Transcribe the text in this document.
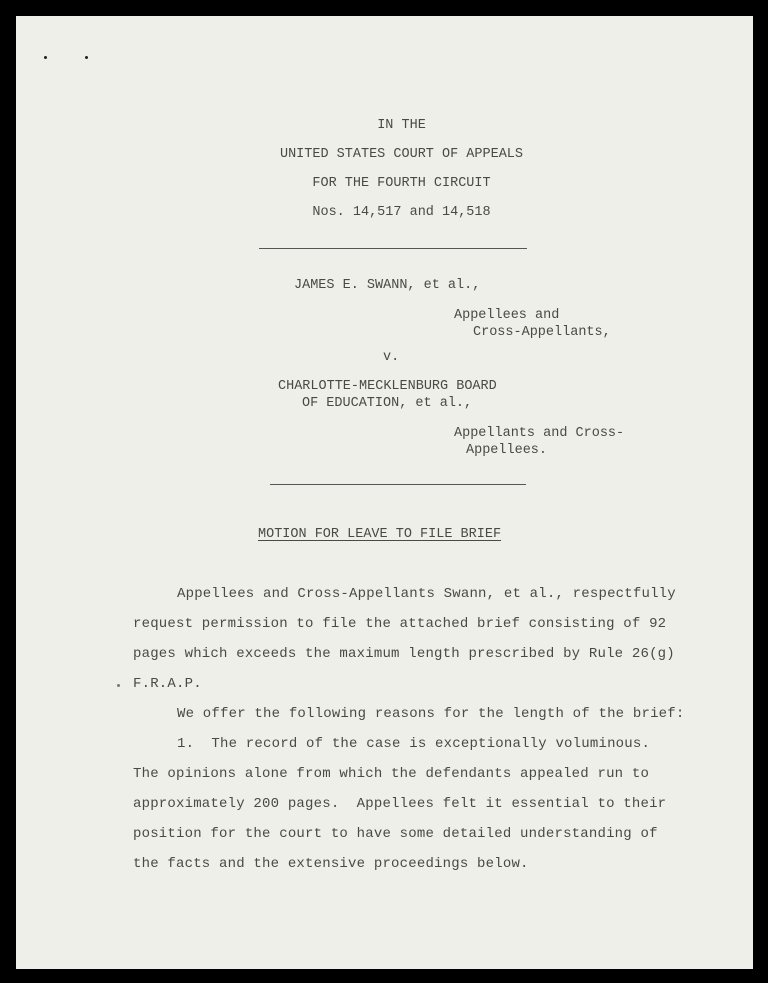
IN THE
UNITED STATES COURT OF APPEALS
FOR THE FOURTH CIRCUIT
Nos. 14,517 and 14,518
JAMES E. SWANN, et al.,
Appellees and
Cross-Appellants,
v.
CHARLOTTE-MECKLENBURG BOARD
OF EDUCATION, et al.,
Appellants and Cross-
Appellees.
MOTION FOR LEAVE TO FILE BRIEF
Appellees and Cross-Appellants Swann, et al., respectfully
request permission to file the attached brief consisting of 92
pages which exceeds the maximum length prescribed by Rule 26(g)
F.R.A.P.
We offer the following reasons for the length of the brief:
1.  The record of the case is exceptionally voluminous.
The opinions alone from which the defendants appealed run to
approximately 200 pages.  Appellees felt it essential to their
position for the court to have some detailed understanding of
the facts and the extensive proceedings below.
